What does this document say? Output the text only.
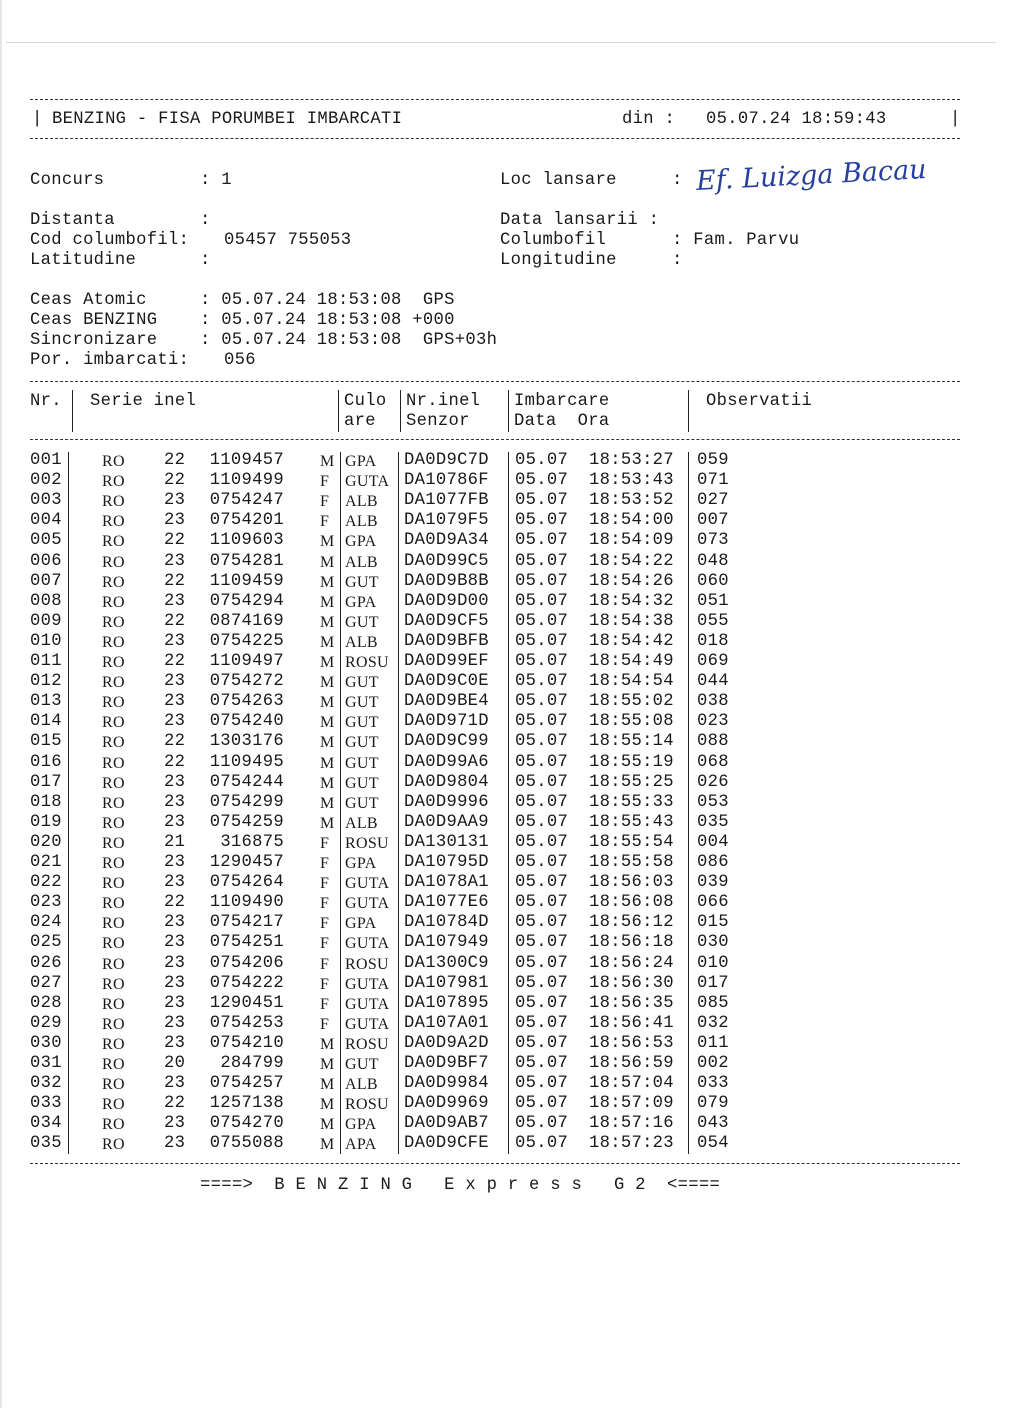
| BENZING - FISA PORUMBEI IMBARCATI	din : 05.07.24 18:59:43	|
Concurs	: 1	Loc lansare	: Ef. Luizga Bacau
Distanta	:	Data lansarii :
Cod columbofil: 05457 755053	Columbofil	: Fam. Parvu
Latitudine	:	Longitudine	:
Ceas Atomic	: 05.07.24 18:53:08  GPS
Ceas BENZING : 05.07.24 18:53:08 +000
Sincronizare : 05.07.24 18:53:08  GPS+03h
Por. imbarcati: 056
Nr. Serie inel	Culo
are
Nr.inel
Senzor
Imbarcare
Data  Ora
Observatii
001	RO 22 1109457 M GPA DA0D9C7D 05.07 18:53:27 059
002	RO 22 1109499 F GUTA DA10786F 05.07 18:53:43 071
003	RO 23 0754247 F ALB DA1077FB 05.07 18:53:52 027
004	RO 23 0754201 F ALB DA1079F5 05.07 18:54:00 007
005	RO 22 1109603 M GPA DA0D9A34 05.07 18:54:09 073
006	RO 23 0754281 M ALB DA0D99C5 05.07 18:54:22 048
007	RO 22 1109459 M GUT DA0D9B8B 05.07 18:54:26 060
008	RO 23 0754294 M GPA DA0D9D00 05.07 18:54:32 051
009	RO 22 0874169 M GUT DA0D9CF5 05.07 18:54:38 055
010	RO 23 0754225 M ALB DA0D9BFB 05.07 18:54:42 018
011	RO 22 1109497 M ROSU DA0D99EF 05.07 18:54:49 069
012	RO 23 0754272 M GUT DA0D9C0E 05.07 18:54:54 044
013	RO 23 0754263 M GUT DA0D9BE4 05.07 18:55:02 038
014	RO 23 0754240 M GUT DA0D971D 05.07 18:55:08 023
015	RO 22 1303176 M GUT DA0D9C99 05.07 18:55:14 088
016	RO 22 1109495 M GUT DA0D99A6 05.07 18:55:19 068
017	RO 23 0754244 M GUT DA0D9804 05.07 18:55:25 026
018	RO 23 0754299 M GUT DA0D9996 05.07 18:55:33 053
019	RO 23 0754259 M ALB DA0D9AA9 05.07 18:55:43 035
020	RO 21 316875 F ROSU DA130131 05.07 18:55:54 004
021	RO 23 1290457 F GPA DA10795D 05.07 18:55:58 086
022	RO 23 0754264 F GUTA DA1078A1 05.07 18:56:03 039
023	RO 22 1109490 F GUTA DA1077E6 05.07 18:56:08 066
024	RO 23 0754217 F GPA DA10784D 05.07 18:56:12 015
025	RO 23 0754251 F GUTA DA107949 05.07 18:56:18 030
026	RO 23 0754206 F ROSU DA1300C9 05.07 18:56:24 010
027	RO 23 0754222 F GUTA DA107981 05.07 18:56:30 017
028	RO 23 1290451 F GUTA DA107895 05.07 18:56:35 085
029	RO 23 0754253 F GUTA DA107A01 05.07 18:56:41 032
030	RO 23 0754210 M ROSU DA0D9A2D 05.07 18:56:53 011
031	RO 20 284799 M GUT DA0D9BF7 05.07 18:56:59 002
032	RO 23 0754257 M ALB DA0D9984 05.07 18:57:04 033
033	RO 22 1257138 M ROSU DA0D9969 05.07 18:57:09 079
034	RO 23 0754270 M GPA DA0D9AB7 05.07 18:57:16 043
035	RO 23 0755088 M APA DA0D9CFE 05.07 18:57:23 054
====>  B E N Z I N G   E x p r e s s   G 2  <====
